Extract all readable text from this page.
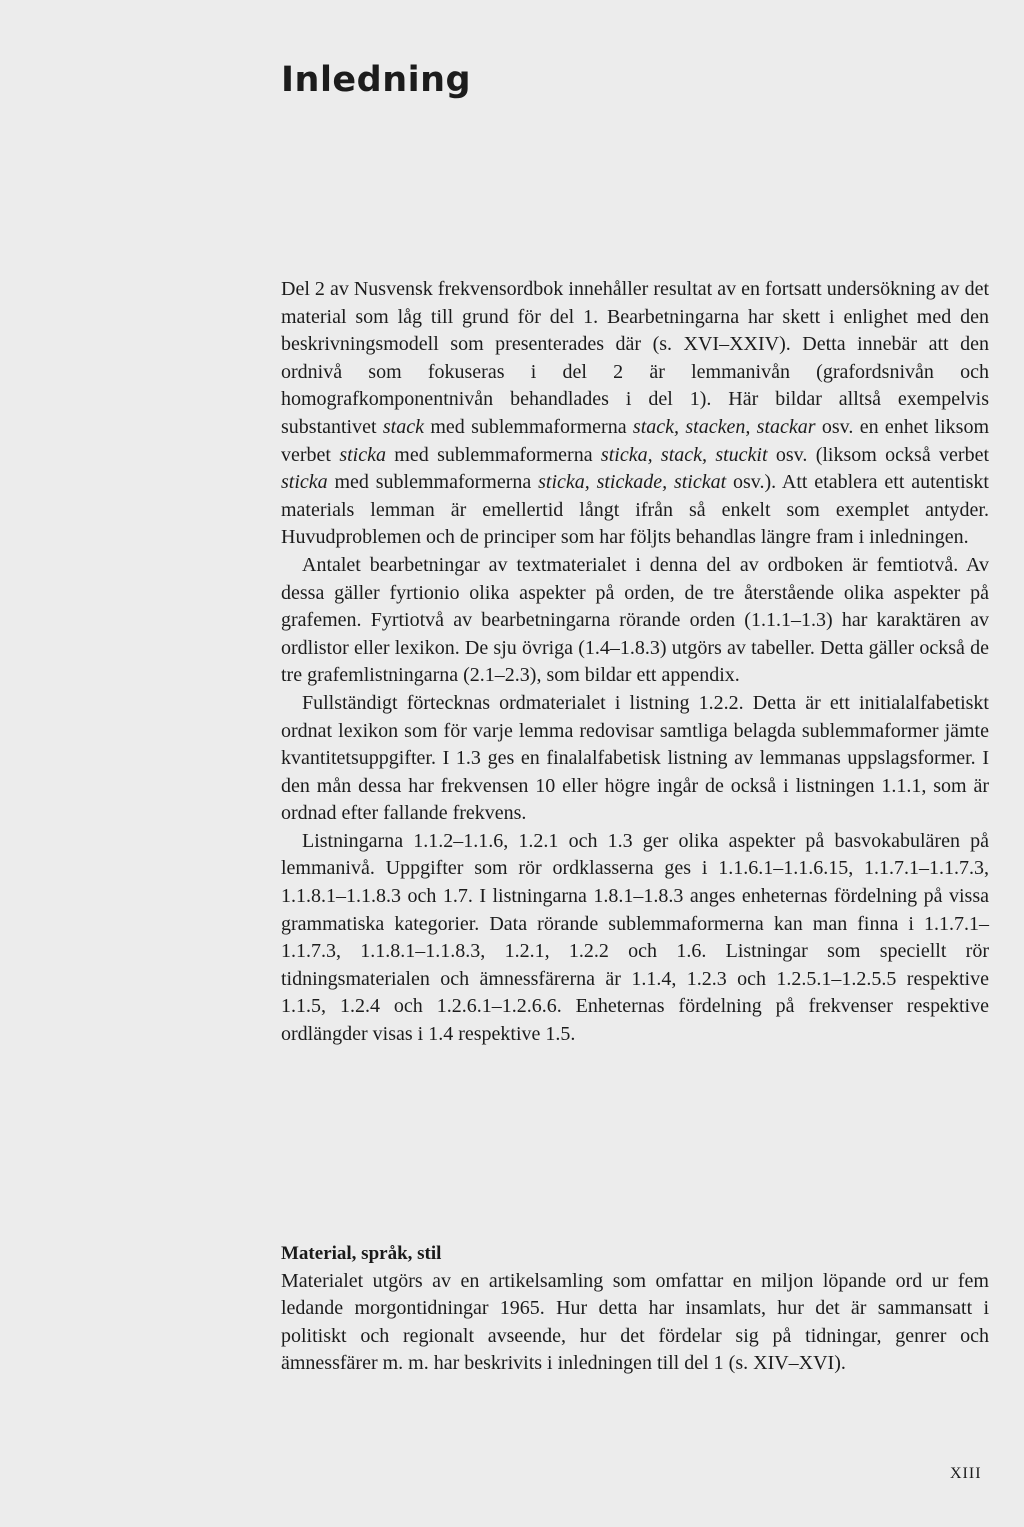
Inledning

Del 2 av Nusvensk frekvensordbok innehåller resultat av en fortsatt undersökning av det material som låg till grund för del 1. Bearbetningarna har skett i enlighet med den beskrivningsmodell som presenterades där (s. XVI–XXIV). Detta innebär att den ordnivå som fokuseras i del 2 är lemmanivån (grafordsnivån och homografkomponentnivån behandlades i del 1). Här bildar alltså exempelvis substantivet stack med sublemmaformerna stack, stacken, stackar osv. en enhet liksom verbet sticka med sublemmaformerna sticka, stack, stuckit osv. (liksom också verbet sticka med sublemmaformerna sticka, stickade, stickat osv.). Att etablera ett autentiskt materials lemman är emellertid långt ifrån så enkelt som exemplet antyder. Huvudproblemen och de principer som har följts behandlas längre fram i inledningen.

Antalet bearbetningar av textmaterialet i denna del av ordboken är femtiotvå. Av dessa gäller fyrtionio olika aspekter på orden, de tre återstående olika aspekter på grafemen. Fyrtiotvå av bearbetningarna rörande orden (1.1.1–1.3) har karaktären av ordlistor eller lexikon. De sju övriga (1.4–1.8.3) utgörs av tabeller. Detta gäller också de tre grafemlistningarna (2.1–2.3), som bildar ett appendix.

Fullständigt förtecknas ordmaterialet i listning 1.2.2. Detta är ett initialalfabetiskt ordnat lexikon som för varje lemma redovisar samtliga belagda sublemmaformer jämte kvantitetsuppgifter. I 1.3 ges en finalalfabetisk listning av lemmanas uppslagsformer. I den mån dessa har frekvensen 10 eller högre ingår de också i listningen 1.1.1, som är ordnad efter fallande frekvens.

Listningarna 1.1.2–1.1.6, 1.2.1 och 1.3 ger olika aspekter på basvokabulären på lemmanivå. Uppgifter som rör ordklasserna ges i 1.1.6.1–1.1.6.15, 1.1.7.1–1.1.7.3, 1.1.8.1–1.1.8.3 och 1.7. I listningarna 1.8.1–1.8.3 anges enheternas fördelning på vissa grammatiska kategorier. Data rörande sublemmaformerna kan man finna i 1.1.7.1–1.1.7.3, 1.1.8.1–1.1.8.3, 1.2.1, 1.2.2 och 1.6. Listningar som speciellt rör tidningsmaterialen och ämnessfärerna är 1.1.4, 1.2.3 och 1.2.5.1–1.2.5.5 respektive 1.1.5, 1.2.4 och 1.2.6.1–1.2.6.6. Enheternas fördelning på frekvenser respektive ordlängder visas i 1.4 respektive 1.5.

Material, språk, stil

Materialet utgörs av en artikelsamling som omfattar en miljon löpande ord ur fem ledande morgontidningar 1965. Hur detta har insamlats, hur det är sammansatt i politiskt och regionalt avseende, hur det fördelar sig på tidningar, genrer och ämnessfärer m. m. har beskrivits i inledningen till del 1 (s. XIV–XVI).

XIII
